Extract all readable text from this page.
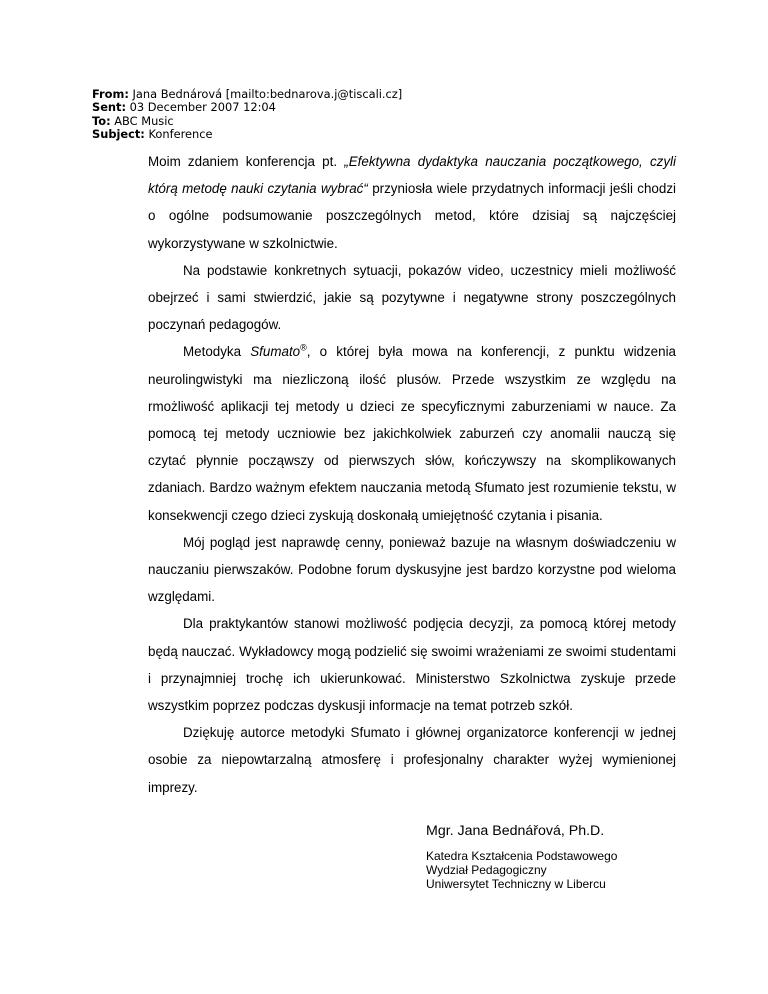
From: Jana Bednárová [mailto:bednarova.j@tiscali.cz]
Sent: 03 December 2007 12:04
To: ABC Music
Subject: Konference

Moim zdaniem konferencja pt. „Efektywna dydaktyka nauczania początkowego, czyli którą metodę nauki czytania wybrać“ przyniosła wiele przydatnych informacji jeśli chodzi o ogólne podsumowanie poszczególnych metod, które dzisiaj są najczęściej wykorzystywane w szkolnictwie.

Na podstawie konkretnych sytuacji, pokazów video, uczestnicy mieli możliwość obejrzeć i sami stwierdzić, jakie są pozytywne i negatywne strony poszczególnych poczynań pedagogów.

Metodyka Sfumato®, o której była mowa na konferencji, z punktu widzenia neurolingwistyki ma niezliczoną ilość plusów. Przede wszystkim ze względu na rmożliwość aplikacji tej metody u dzieci ze specyficznymi zaburzeniami w nauce. Za pomocą tej metody uczniowie bez jakichkolwiek zaburzeń czy anomalii nauczą się czytać płynnie począwszy od pierwszych słów, kończywszy na skomplikowanych zdaniach. Bardzo ważnym efektem nauczania metodą Sfumato jest rozumienie tekstu, w konsekwencji czego dzieci zyskują doskonałą umiejętność czytania i pisania.

Mój pogląd jest naprawdę cenny, ponieważ bazuje na własnym doświadczeniu w nauczaniu pierwszaków. Podobne forum dyskusyjne jest bardzo korzystne pod wieloma względami.

Dla praktykantów stanowi możliwość podjęcia decyzji, za pomocą której metody będą nauczać. Wykładowcy mogą podzielić się swoimi wrażeniami ze swoimi studentami i przynajmniej trochę ich ukierunkować. Ministerstwo Szkolnictwa zyskuje przede wszystkim poprzez podczas dyskusji informacje na temat potrzeb szkół.

Dziękuję autorce metodyki Sfumato i głównej organizatorce konferencji w jednej osobie za niepowtarzalną atmosferę i profesjonalny charakter wyżej wymienionej imprezy.

Mgr. Jana Bednářová, Ph.D.
Katedra Kształcenia Podstawowego
Wydział Pedagogiczny
Uniwersytet Techniczny w Libercu
